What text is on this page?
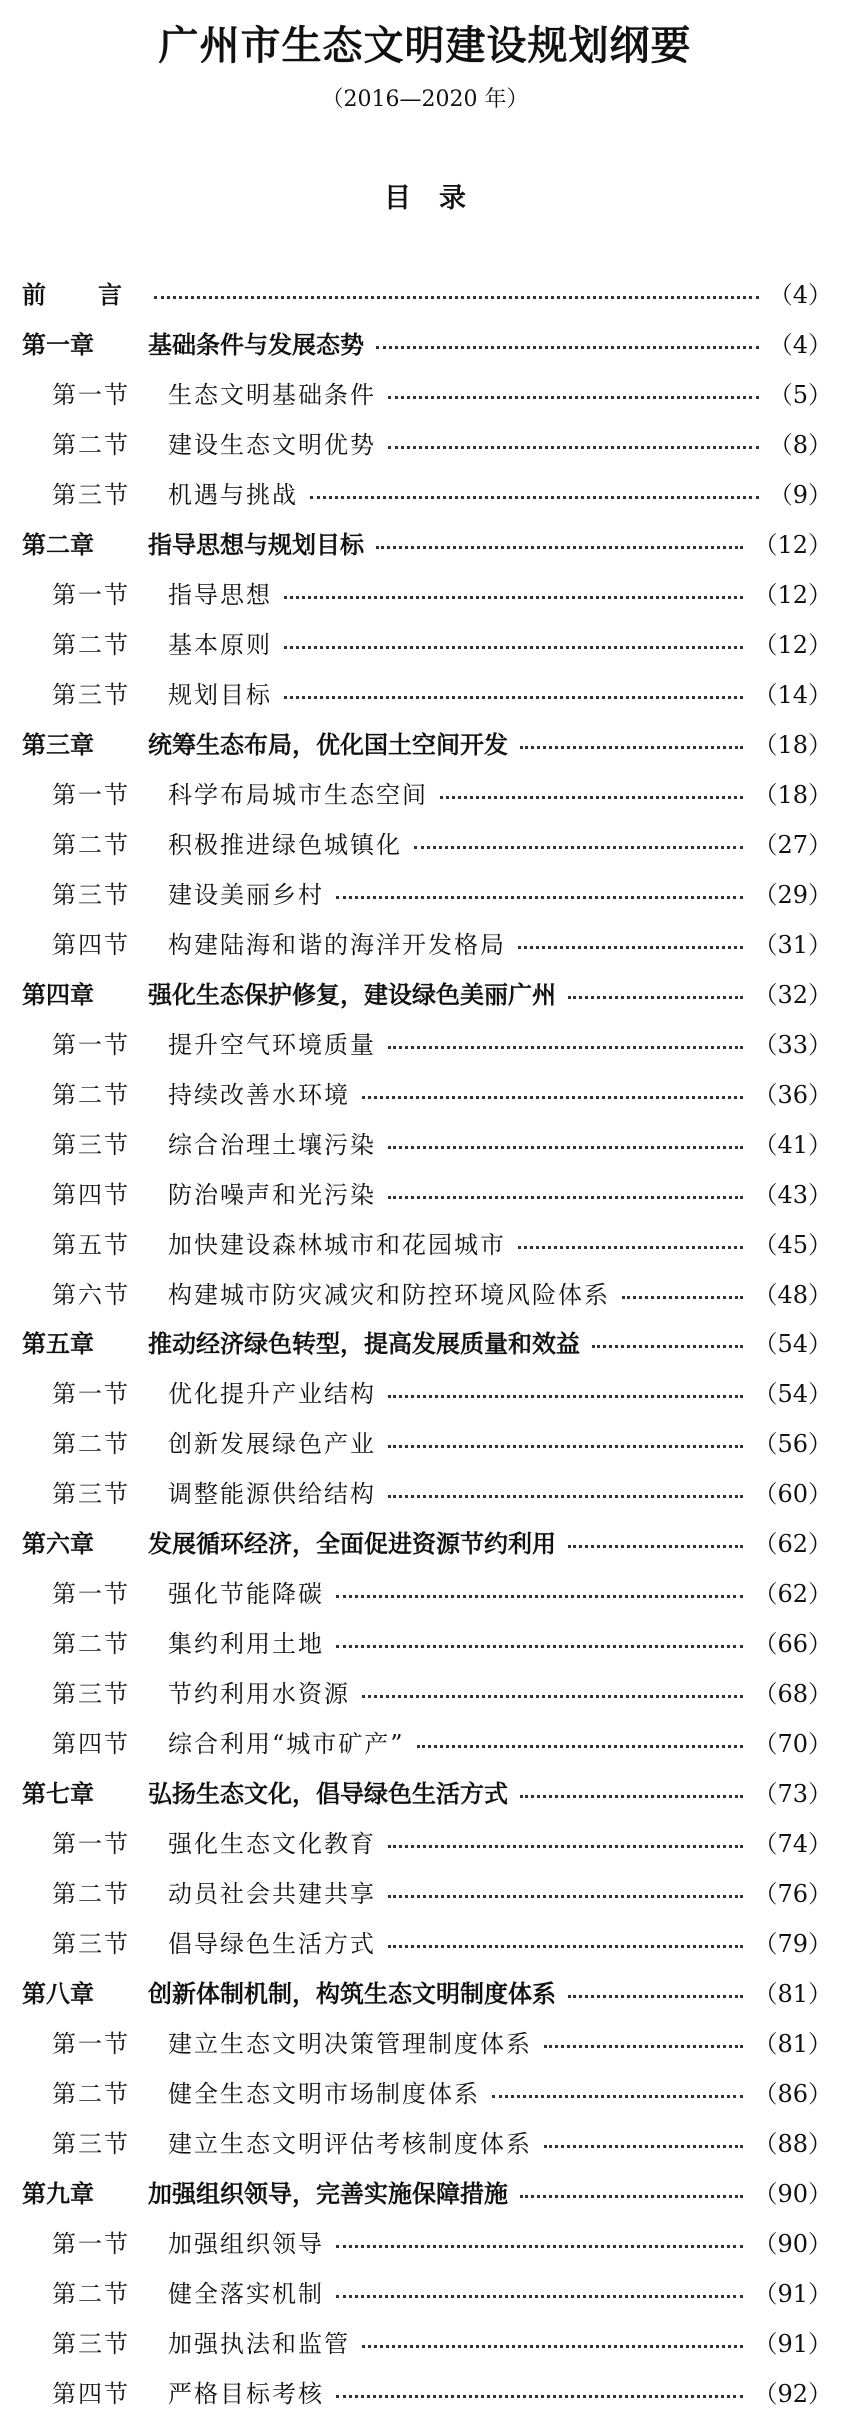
广州市生态文明建设规划纲要
（2016—2020 年）
目 录
前　言	（4）
第一章	基础条件与发展态势	（4）
第一节 生态文明基础条件	（5）
第二节 建设生态文明优势	（8）
第三节 机遇与挑战	（9）
第二章	指导思想与规划目标	（12）
第一节 指导思想	（12）
第二节 基本原则	（12）
第三节 规划目标	（14）
第三章	统筹生态布局，优化国土空间开发	（18）
第一节 科学布局城市生态空间	（18）
第二节 积极推进绿色城镇化	（27）
第三节 建设美丽乡村	（29）
第四节 构建陆海和谐的海洋开发格局	（31）
第四章	强化生态保护修复，建设绿色美丽广州	（32）
第一节 提升空气环境质量	（33）
第二节 持续改善水环境	（36）
第三节 综合治理土壤污染	（41）
第四节 防治噪声和光污染	（43）
第五节 加快建设森林城市和花园城市	（45）
第六节 构建城市防灾减灾和防控环境风险体系	（48）
第五章	推动经济绿色转型，提高发展质量和效益	（54）
第一节 优化提升产业结构	（54）
第二节 创新发展绿色产业	（56）
第三节 调整能源供给结构	（60）
第六章	发展循环经济，全面促进资源节约利用	（62）
第一节 强化节能降碳	（62）
第二节 集约利用土地	（66）
第三节 节约利用水资源	（68）
第四节 综合利用“城市矿产”	（70）
第七章	弘扬生态文化，倡导绿色生活方式	（73）
第一节 强化生态文化教育	（74）
第二节 动员社会共建共享	（76）
第三节 倡导绿色生活方式	（79）
第八章	创新体制机制，构筑生态文明制度体系	（81）
第一节 建立生态文明决策管理制度体系	（81）
第二节 健全生态文明市场制度体系	（86）
第三节 建立生态文明评估考核制度体系	（88）
第九章	加强组织领导，完善实施保障措施	（90）
第一节 加强组织领导	（90）
第二节 健全落实机制	（91）
第三节 加强执法和监管	（91）
第四节 严格目标考核	（92）
